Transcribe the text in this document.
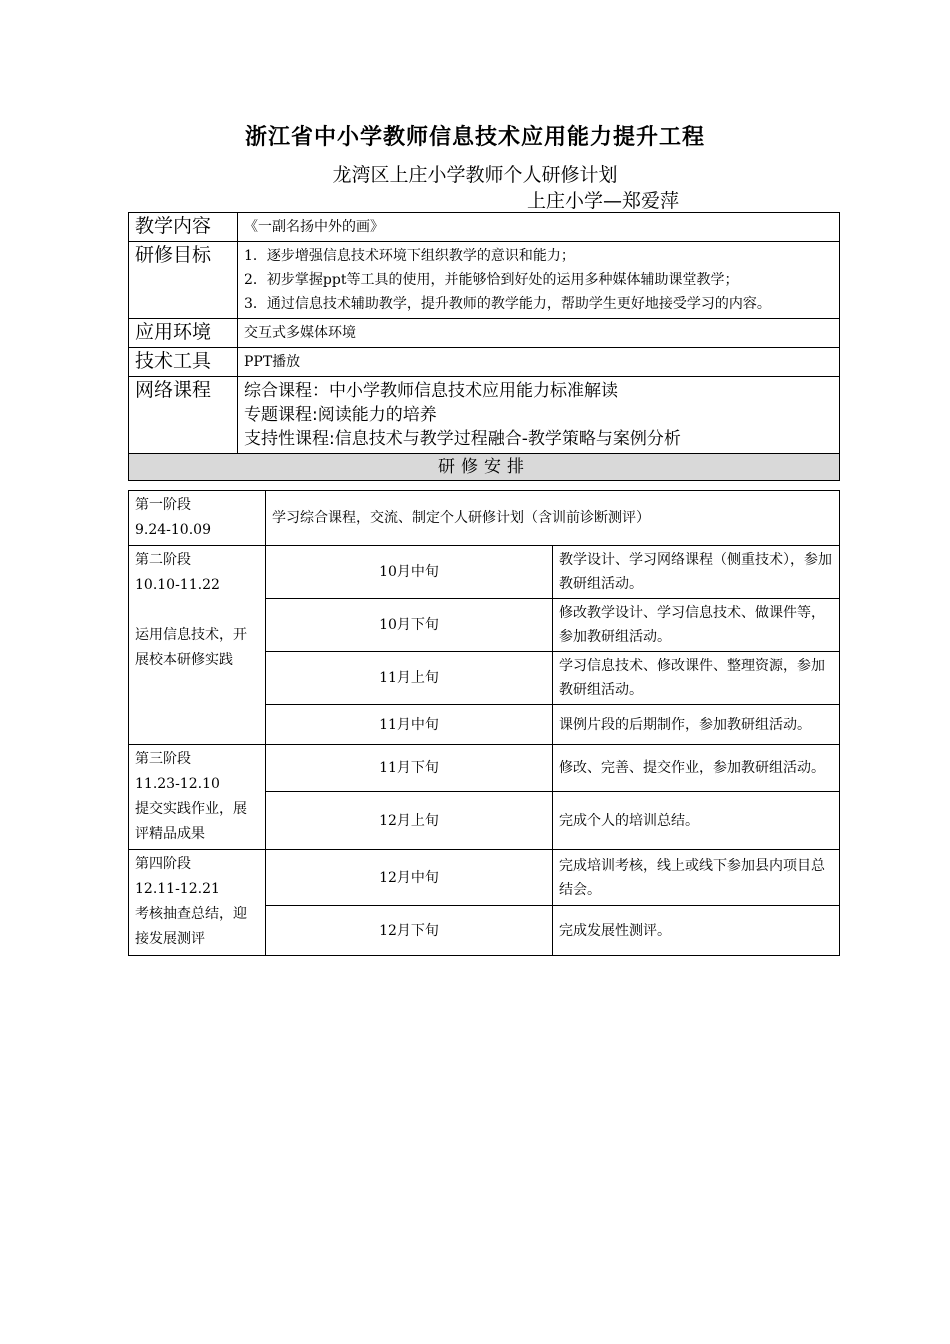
浙江省中小学教师信息技术应用能力提升工程
龙湾区上庄小学教师个人研修计划
上庄小学—郑爱萍
教学内容	《一副名扬中外的画》
研修目标	1．逐步增强信息技术环境下组织教学的意识和能力；
2．初步掌握ppt等工具的使用，并能够恰到好处的运用多种媒体辅助课堂教学；
3．通过信息技术辅助教学，提升教师的教学能力，帮助学生更好地接受学习的内容。

应用环境	交互式多媒体环境
技术工具	PPT播放
网络课程	综合课程：中小学教师信息技术应用能力标准解读
专题课程:阅读能力的培养
支持性课程:信息技术与教学过程融合-教学策略与案例分析

研修安排	
第一阶段
9.24-10.09	学习综合课程，交流、制定个人研修计划（含训前诊断测评）	

第二阶段
10.10-11.22
运用信息技术，开展校本研修实践	10月中旬	教学设计、学习网络课程（侧重技术），参加教研组活动。
	10月下旬	修改教学设计、学习信息技术、做课件等，参加教研组活动。
	11月上旬	学习信息技术、修改课件、整理资源，参加教研组活动。
	11月中旬	课例片段的后期制作，参加教研组活动。

第三阶段
11.23-12.10
提交实践作业，展评精品成果	11月下旬	修改、完善、提交作业，参加教研组活动。
	12月上旬	完成个人的培训总结。

第四阶段
12.11-12.21
考核抽查总结，迎接发展测评	12月中旬	完成培训考核，线上或线下参加县内项目总结会。
	12月下旬	完成发展性测评。
